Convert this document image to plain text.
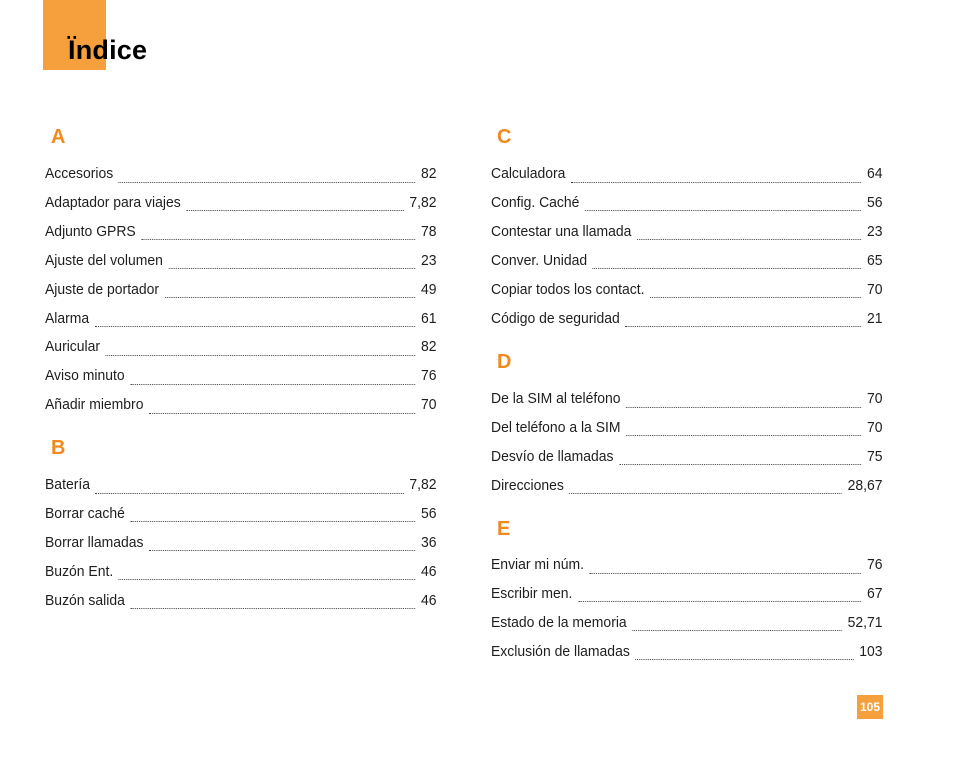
Ïndice
A
Accesorios	82
Adaptador para viajes	7,82
Adjunto GPRS	78
Ajuste del volumen	23
Ajuste de portador	49
Alarma	61
Auricular	82
Aviso minuto	76
Añadir miembro	70
B
Batería	7,82
Borrar caché	56
Borrar llamadas	36
Buzón Ent.	46
Buzón salida	46
C
Calculadora	64
Config. Caché	56
Contestar una llamada	23
Conver. Unidad	65
Copiar todos los contact.	70
Código de seguridad	21
D
De la SIM al teléfono	70
Del teléfono a la SIM	70
Desvío de llamadas	75
Direcciones	28,67
E
Enviar mi núm.	76
Escribir men.	67
Estado de la memoria	52,71
Exclusión de llamadas	103
105
